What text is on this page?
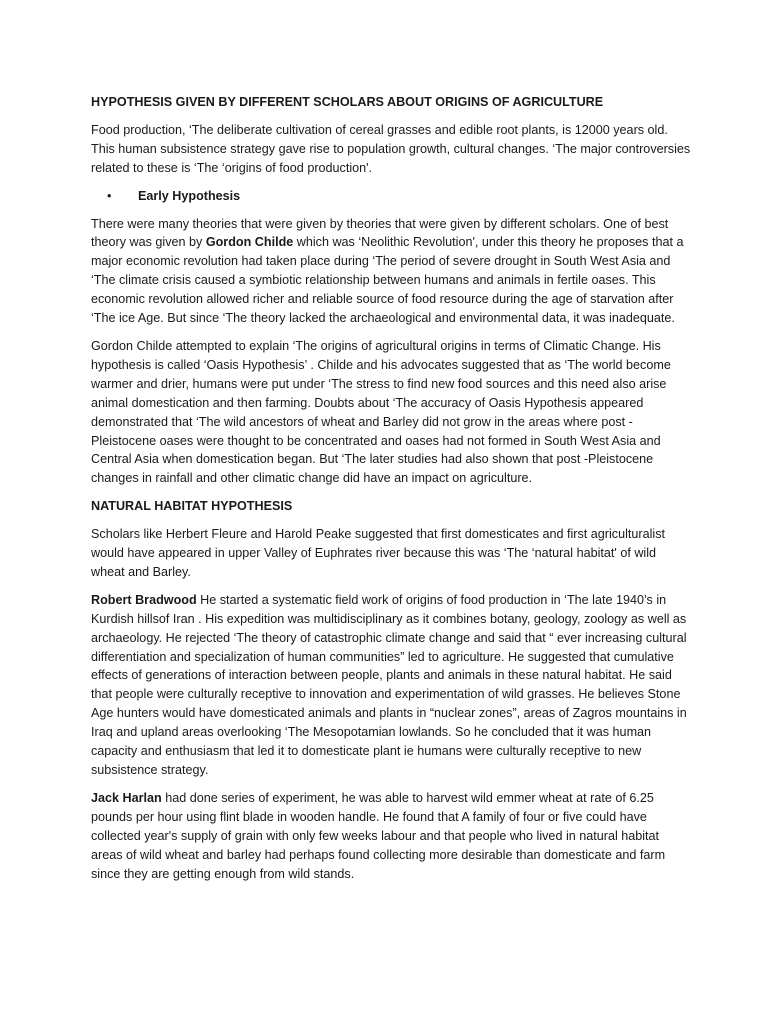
HYPOTHESIS GIVEN BY DIFFERENT SCHOLARS ABOUT ORIGINS OF AGRICULTURE

Food production, ‘The deliberate cultivation of cereal grasses and edible root plants, is 12000 years old. This human subsistence strategy gave rise to population growth, cultural changes. ‘The major controversies related to these is ‘The ‘origins of food production'.

•	Early Hypothesis

There were many theories that were given by theories that were given by different scholars. One of best theory was given by Gordon Childe which was ‘Neolithic Revolution', under this theory he proposes that a major economic revolution had taken place during ‘The period of severe drought in South West Asia and ‘The climate crisis caused a symbiotic relationship between humans and animals in fertile oases. This economic revolution allowed richer and reliable source of food resource during the age of starvation after ‘The ice Age. But since ‘The theory lacked the archaeological and environmental data, it was inadequate.

Gordon Childe attempted to explain ‘The origins of agricultural origins in terms of Climatic Change. His hypothesis is called ‘Oasis Hypothesis’ . Childe and his advocates suggested that as ‘The world become warmer and drier, humans were put under ‘The stress to find new food sources and this need also arise animal domestication and then farming. Doubts about ‘The accuracy of Oasis Hypothesis appeared demonstrated that ‘The wild ancestors of wheat and Barley did not grow in the areas where post -Pleistocene oases were thought to be concentrated and oases had not formed in South West Asia and Central Asia when domestication began. But ‘The later studies had also shown that post -Pleistocene changes in rainfall and other climatic change did have an impact on agriculture.

NATURAL HABITAT HYPOTHESIS

Scholars like Herbert Fleure and Harold Peake suggested that first domesticates and first agriculturalist would have appeared in upper Valley of Euphrates river because this was ‘The ‘natural habitat' of wild wheat and Barley.

Robert Bradwood He started a systematic field work of origins of food production in ‘The late 1940’s in Kurdish hillsof Iran . His expedition was multidisciplinary as it combines botany, geology, zoology as well as archaeology. He rejected ‘The theory of catastrophic climate change and said that “ ever increasing cultural differentiation and specialization of human communities” led to agriculture. He suggested that cumulative effects of generations of interaction between people, plants and animals in these natural habitat. He said that people were culturally receptive to innovation and experimentation of wild grasses. He believes Stone Age hunters would have domesticated animals and plants in “nuclear zones”, areas of Zagros mountains in Iraq and upland areas overlooking ‘The Mesopotamian lowlands. So he concluded that it was human capacity and enthusiasm that led it to domesticate plant ie humans were culturally receptive to new subsistence strategy.

Jack Harlan had done series of experiment, he was able to harvest wild emmer wheat at rate of 6.25 pounds per hour using flint blade in wooden handle. He found that A family of four or five could have collected year's supply of grain with only few weeks labour and that people who lived in natural habitat areas of wild wheat and barley had perhaps found collecting more desirable than domesticate and farm since they are getting enough from wild stands.
